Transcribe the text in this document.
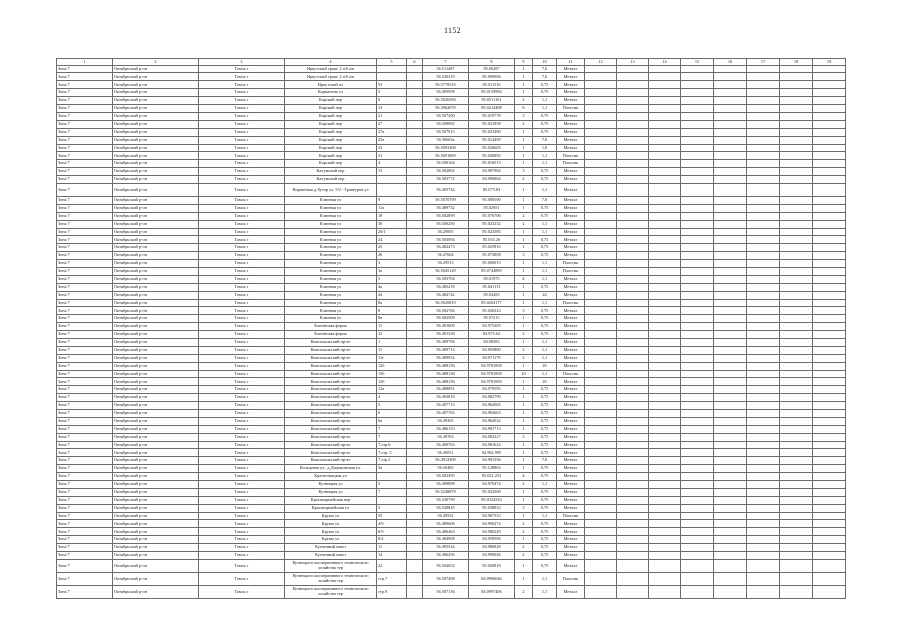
1152
1	2	3	4	5	6	7	8	9	10	11	12	13	14	15	16	17	18	19
Зона 7	Октябрьский р-он	Томск г	Иркутский тракт, 2 а/б пм			56.511497	85.00287	1	7,6	Металл								
Зона 7	Октябрьский р-он	Томск г	Иркутский тракт, 2 а/б пм			56.520319	85.009906	1	7,6	Металл								
Зона 7	Октябрьский р-он	Томск г	Иркутский пл	53		56.5778319	85.011516	1	0,75	Металл								
Зона 7	Октябрьский р-он	Томск г	Кармасина ул	3		56.495998	85.0159994	1	0,75	Металл								
Зона 7	Октябрьский р-он	Томск г	Карский пер	8		56.5026584	85.0511161	2	1,1	Металл								
Зона 7	Октябрьский р-он	Томск г	Карский пер	13		56.5062070	85.0214408	6	1,1	Пластик								
Зона 7	Октябрьский р-он	Томск г	Карский пер	21		56.507200	85.019778	3	0,75	Металл								
Зона 7	Октябрьский р-он	Томск г	Карский пер	27		56.508082	85.021858	2	0,75	Металл								
Зона 7	Октябрьский р-он	Томск г	Карский пер	27а		56.507913	85.023480	1	0,75	Металл								
Зона 7	Октябрьский р-он	Томск г	Карский пер	25а		56.50682а	85.014499	1	7,6	Металл								
Зона 7	Октябрьский р-он	Томск г	Карский пер	33		56.5093368	85.026605	1	1,6	Металл								
Зона 7	Октябрьский р-он	Томск г	Карский пер	31		56.5091809	85.026895	1	1,1	Пластик								
Зона 7	Октябрьский р-он	Томск г	Карский пер	4		56.500164	85.016513	1	1,1	Пластик								
Зона 7	Октябрьский р-он	Томск г	Калужский пер	13		56.502802	84.987962	3	0,75	Металл								
Зона 7	Октябрьский р-он	Томск г	Калужский пер			56.503772	84.996864	2	0,75	Металл								
Зона 7	Октябрьский р-он	Томск г	Кирпичная д.Хутор ул, 5/2 - Травеуров ул			56.495744	85.075.83	1	1,1	Металл								
Зона 7	Октябрьский р-он	Томск г	Клюевая ул	9		56.5070709	85.000590	1	7,6	Металл								
Зона 7	Октябрьский р-он	Томск г	Клюевая ул	11а		56.489732	85.02951	1	0,75	Металл								
Зона 7	Октябрьский р-он	Томск г	Клюевая ул	18		56.502899	85.076706	2	0,75	Металл								
Зона 7	Октябрьский р-он	Томск г	Клюевая ул	30		56.500256	85.023232	2	1,1	Металл								
Зона 7	Октябрьский р-он	Томск г	Клюевая ул	20/1		56.29005	85.023585	1	1,1	Металл								
Зона 7	Октябрьский р-он	Томск г	Клюевая ул	24		56.503094	85.035.26	1	0,75	Металл								
Зона 7	Октябрьский р-он	Томск г	Клюевая ул	25		56.482473	85.025816	1	0,75	Металл								
Зона 7	Октябрьский р-он	Томск г	Клюевая ул	26		56.47664	85.073808	3	0,75	Металл								
Зона 7	Октябрьский р-он	Томск г	Клюевая ул	3		56.29513	85.006015	1	1,1	Пластик								
Зона 7	Октябрьский р-он	Томск г	Клюевая ул	3а		56.5045129	85.0744899	1	1,1	Пластик								
Зона 7	Октябрьский р-он	Томск г	Клюевая ул	5		56.505704	85.01975	4	1,1	Металл								
Зона 7	Октябрьский р-он	Томск г	Клюевая ул	4а		56.485218	85.041115	1	0,75	Металл								
Зона 7	Октябрьский р-он	Томск г	Клюевая ул	44		56.484742	85.04283	1	24	Металл								
Зона 7	Октябрьский р-он	Томск г	Клюевая ул	8а		56.5020819	85.0204177	1	1,1	Пластик								
Зона 7	Октябрьский р-он	Томск г	Клюевая ул	8		56.502706	85.020223	3	0,75	Металл								
Зона 7	Октябрьский р-он	Томск г	Клюевая ул	8в		56.502509	85.97215	1	0,75	Металл								
Зона 7	Октябрьский р-он	Томск г	Клюевская ферма	11		56.491609	84.975205	1	0,75	Металл								
Зона 7	Октябрьский р-он	Томск г	Клюевская ферма	32		56.491338	84.975.62	2	0,75	Металл								
Зона 7	Октябрьский р-он	Томск г	Комсомольский пр-кт	1		56.499706	84.98383	1	1,1	Металл								
Зона 7	Октябрьский р-он	Томск г	Комсомольский пр-кт	11		56.489714	84.993880	2	1,1	Металл								
Зона 7	Октябрьский р-он	Томск г	Комсомольский пр-кт	11г		56.489932	84.971179	2	1,1	Металл								
Зона 7	Октябрьский р-он	Томск г	Комсомольский пр-кт	12б		56.488156	84.9781858	1	20	Металл								
Зона 7	Октябрьский р-он	Томск г	Комсомольский пр-кт	13б		56.488138	84.9781858	10	1,1	Пластик								
Зона 7	Октябрьский р-он	Томск г	Комсомольский пр-кт	13б		56.488156	84.9781859	1	20	Металл								
Зона 7	Октябрьский р-он	Томск г	Комсомольский пр-кт	13а		56.488891	84.979595	1	0,75	Металл								
Зона 7	Октябрьский р-он	Томск г	Комсомольский пр-кт	4		56.493818	84.982799	1	0,75	Металл								
Зона 7	Октябрьский р-он	Томск г	Комсомольский пр-кт	5		56.497713	84.962065	1	0,75	Металл								
Зона 7	Октябрьский р-он	Томск г	Комсомольский пр-кт	6		56.497765	84.982663	1	0,75	Металл								
Зона 7	Октябрьский р-он	Томск г	Комсомольский пр-кт	6а		56.49305	84.962022	1	0,75	Металл								
Зона 7	Октябрьский р-он	Томск г	Комсомольский пр-кт	7		56.486153	84.981713	1	0,75	Металл								
Зона 7	Октябрьский р-он	Томск г	Комсомольский пр-кт	7		56.49763	84.982227	5	0,75	Металл								
Зона 7	Октябрьский р-он	Томск г	Комсомольский пр-кт	7,стр.6		56.490763	84.981624	1	0,75	Металл								
Зона 7	Октябрьский р-он	Томск г	Комсомольский пр-кт	7,стр. 5		56.49051	84.982.995	1	0,75	Металл								
Зона 7	Октябрьский р-он	Томск г	Комсомольский пр-кт	7,стр.2		56.4912509	84.981556	1	7,6	Металл								
Зона 7	Октябрьский р-он	Томск г	Кольцевая ул., д.Дзержинская ул.	3а		56.50465	85.128863	1	0,75	Металл								
Зона 7	Октябрьский р-он	Томск г	Красноткацкая ул			56.502495	85.021.252	4	0,75	Металл								
Зона 7	Октябрьский р-он	Томск г	Кузнецкая ул	3		56.499898	84.970474	2	1,1	Металл								
Зона 7	Октябрьский р-он	Томск г	Кузнецкая ул	7		56.5248878	85.023569	1	0,75	Металл								
Зона 7	Октябрьский р-он	Томск г	Красноармейская пер			56.530799	85.0324333	1	0,75	Металл								
Зона 7	Октябрьский р-он	Томск г	Красноармейская ул	3		56.528845	85.038833	3	0,75	Металл								
Зона 7	Октябрьский р-он	Томск г	Крупы ул	35		56.49532	84.967533	1	1,1	Пластик								
Зона 7	Октябрьский р-он	Томск г	Крупы ул	4/9		56.489606	84.990274	2	0,75	Металл								
Зона 7	Октябрьский р-он	Томск г	Крупы ул	8/9		56.486463	84.980229	2	0,75	Металл								
Зона 7	Октябрьский р-он	Томск г	Крупы ул	8/2		56.494908	84.958506	1	0,75	Металл								
Зона 7	Октябрьский р-он	Томск г	Кузнечный взвоз	11		56.495544	84.986828	2	0,75	Металл								
Зона 7	Октябрьский р-он	Томск г	Кузнечный взвоз	14		56.496456	84.990026	2	0,75	Металл								
Зона 7	Октябрьский р-он	Томск г	Кузнецкого кооперативного технического хозяйства тер	22		56.504652	85.020819	1	0,75	Металл								
Зона 7	Октябрьский р-он	Томск г	Кузнецкого кооперативного технического хозяйства тер	стр.7		56.507408	84.0996046	1	1,1	Пластик								
Зона 7	Октябрьский р-он	Томск г	Кузнецкого кооперативного технического хозяйства тер	стр.9		56.507136	84.0997406	2	1,1	Металл								
